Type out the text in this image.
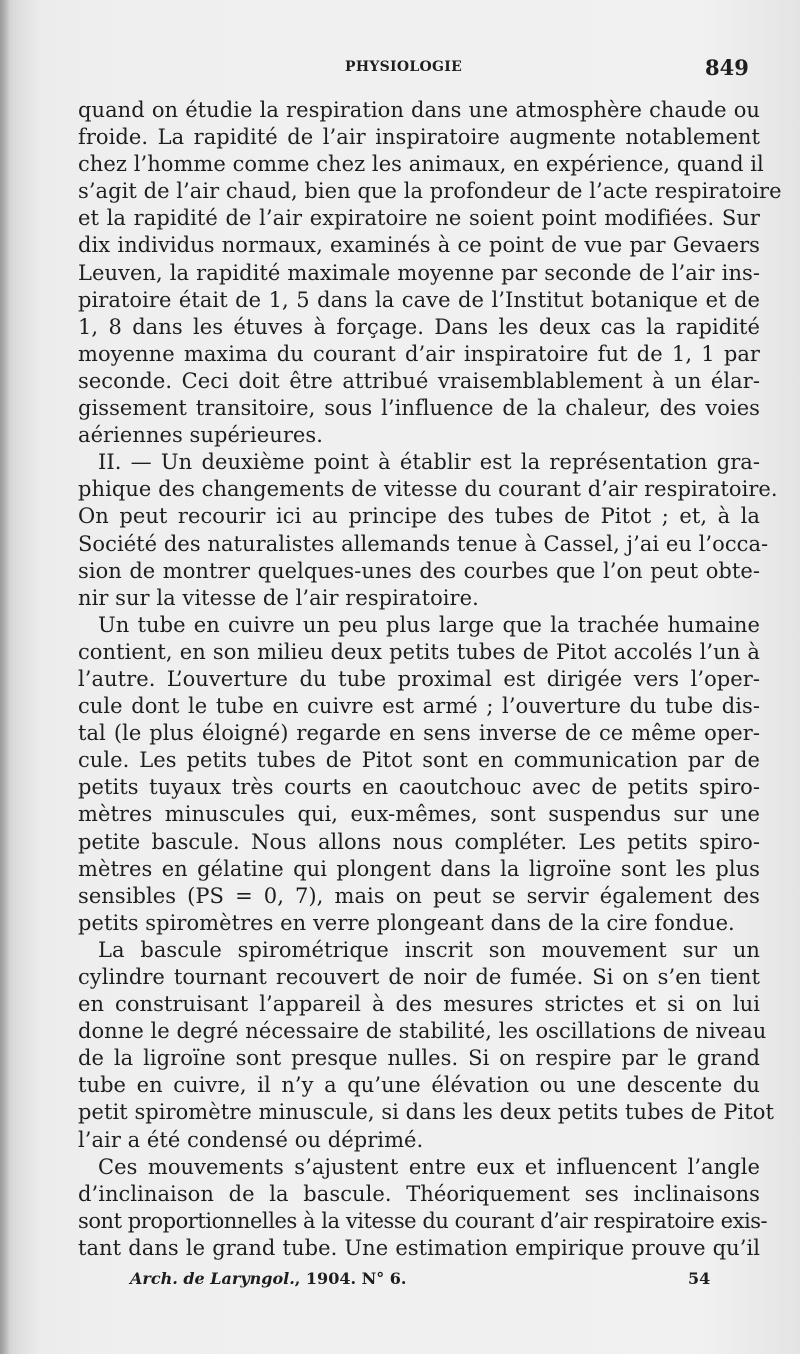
PHYSIOLOGIE	849
quand on étudie la respiration dans une atmosphère chaude ou
froide. La rapidité de l’air inspiratoire augmente notablement
chez l’homme comme chez les animaux, en expérience, quand il
s’agit de l’air chaud, bien que la profondeur de l’acte respiratoire
et la rapidité de l’air expiratoire ne soient point modifiées. Sur
dix individus normaux, examinés à ce point de vue par Gevaers
Leuven, la rapidité maximale moyenne par seconde de l’air ins-
piratoire était de 1, 5 dans la cave de l’Institut botanique et de
1, 8 dans les étuves à forçage. Dans les deux cas la rapidité
moyenne maxima du courant d’air inspiratoire fut de 1, 1 par
seconde. Ceci doit être attribué vraisemblablement à un élar-
gissement transitoire, sous l’influence de la chaleur, des voies
aériennes supérieures.
II. — Un deuxième point à établir est la représentation gra-
phique des changements de vitesse du courant d’air respiratoire.
On peut recourir ici au principe des tubes de Pitot ; et, à la
Société des naturalistes allemands tenue à Cassel, j’ai eu l’occa-
sion de montrer quelques-unes des courbes que l’on peut obte-
nir sur la vitesse de l’air respiratoire.
Un tube en cuivre un peu plus large que la trachée humaine
contient, en son milieu deux petits tubes de Pitot accolés l’un à
l’autre. L’ouverture du tube proximal est dirigée vers l’oper-
cule dont le tube en cuivre est armé ; l’ouverture du tube dis-
tal (le plus éloigné) regarde en sens inverse de ce même oper-
cule. Les petits tubes de Pitot sont en communication par de
petits tuyaux très courts en caoutchouc avec de petits spiro-
mètres minuscules qui, eux-mêmes, sont suspendus sur une
petite bascule. Nous allons nous compléter. Les petits spiro-
mètres en gélatine qui plongent dans la ligroïne sont les plus
sensibles (PS = 0, 7), mais on peut se servir également des
petits spiromètres en verre plongeant dans de la cire fondue.
La bascule spirométrique inscrit son mouvement sur un
cylindre tournant recouvert de noir de fumée. Si on s’en tient
en construisant l’appareil à des mesures strictes et si on lui
donne le degré nécessaire de stabilité, les oscillations de niveau
de la ligroïne sont presque nulles. Si on respire par le grand
tube en cuivre, il n’y a qu’une élévation ou une descente du
petit spiromètre minuscule, si dans les deux petits tubes de Pitot
l’air a été condensé ou déprimé.
Ces mouvements s’ajustent entre eux et influencent l’angle
d’inclinaison de la bascule. Théoriquement ses inclinaisons
sont proportionnelles à la vitesse du courant d’air respiratoire exis-
tant dans le grand tube. Une estimation empirique prouve qu’il
Arch. de Laryngol., 1904. N° 6.	54
